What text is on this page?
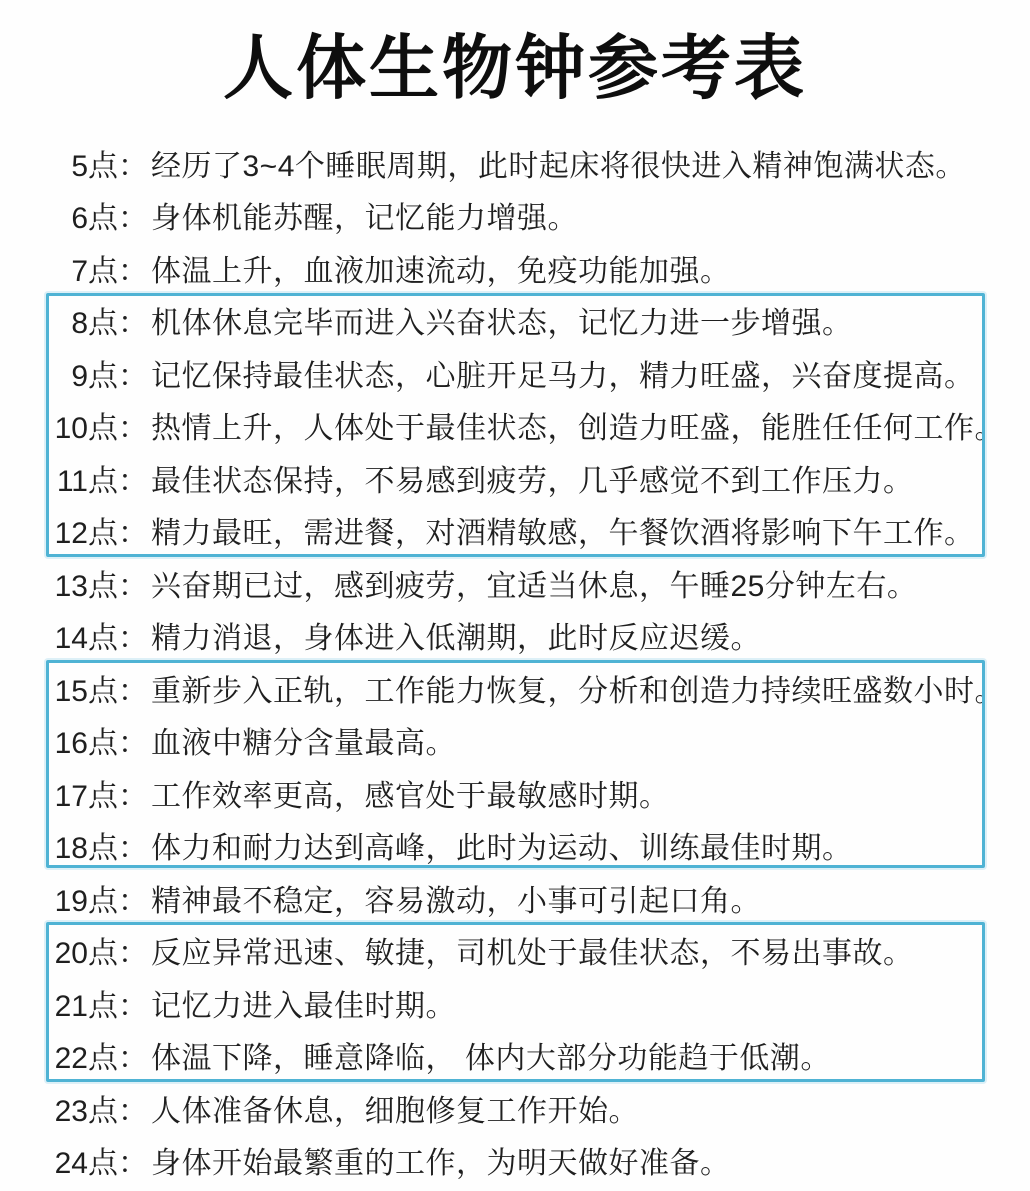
人体生物钟参考表
5点： 经历了3~4个睡眠周期，此时起床将很快进入精神饱满状态。
6点： 身体机能苏醒，记忆能力增强。
7点： 体温上升，血液加速流动，免疫功能加强。
8点： 机体休息完毕而进入兴奋状态，记忆力进一步增强。
9点： 记忆保持最佳状态，心脏开足马力，精力旺盛，兴奋度提高。
10点： 热情上升，人体处于最佳状态，创造力旺盛，能胜任任何工作。
11点： 最佳状态保持，不易感到疲劳，几乎感觉不到工作压力。
12点： 精力最旺，需进餐，对酒精敏感，午餐饮酒将影响下午工作。
13点： 兴奋期已过，感到疲劳，宜适当休息，午睡25分钟左右。
14点： 精力消退，身体进入低潮期，此时反应迟缓。
15点： 重新步入正轨，工作能力恢复，分析和创造力持续旺盛数小时。
16点： 血液中糖分含量最高。
17点： 工作效率更高，感官处于最敏感时期。
18点： 体力和耐力达到高峰，此时为运动、训练最佳时期。
19点： 精神最不稳定，容易激动，小事可引起口角。
20点： 反应异常迅速、敏捷，司机处于最佳状态，不易出事故。
21点： 记忆力进入最佳时期。
22点： 体温下降，睡意降临， 体内大部分功能趋于低潮。
23点： 人体准备休息，细胞修复工作开始。
24点： 身体开始最繁重的工作，为明天做好准备。
